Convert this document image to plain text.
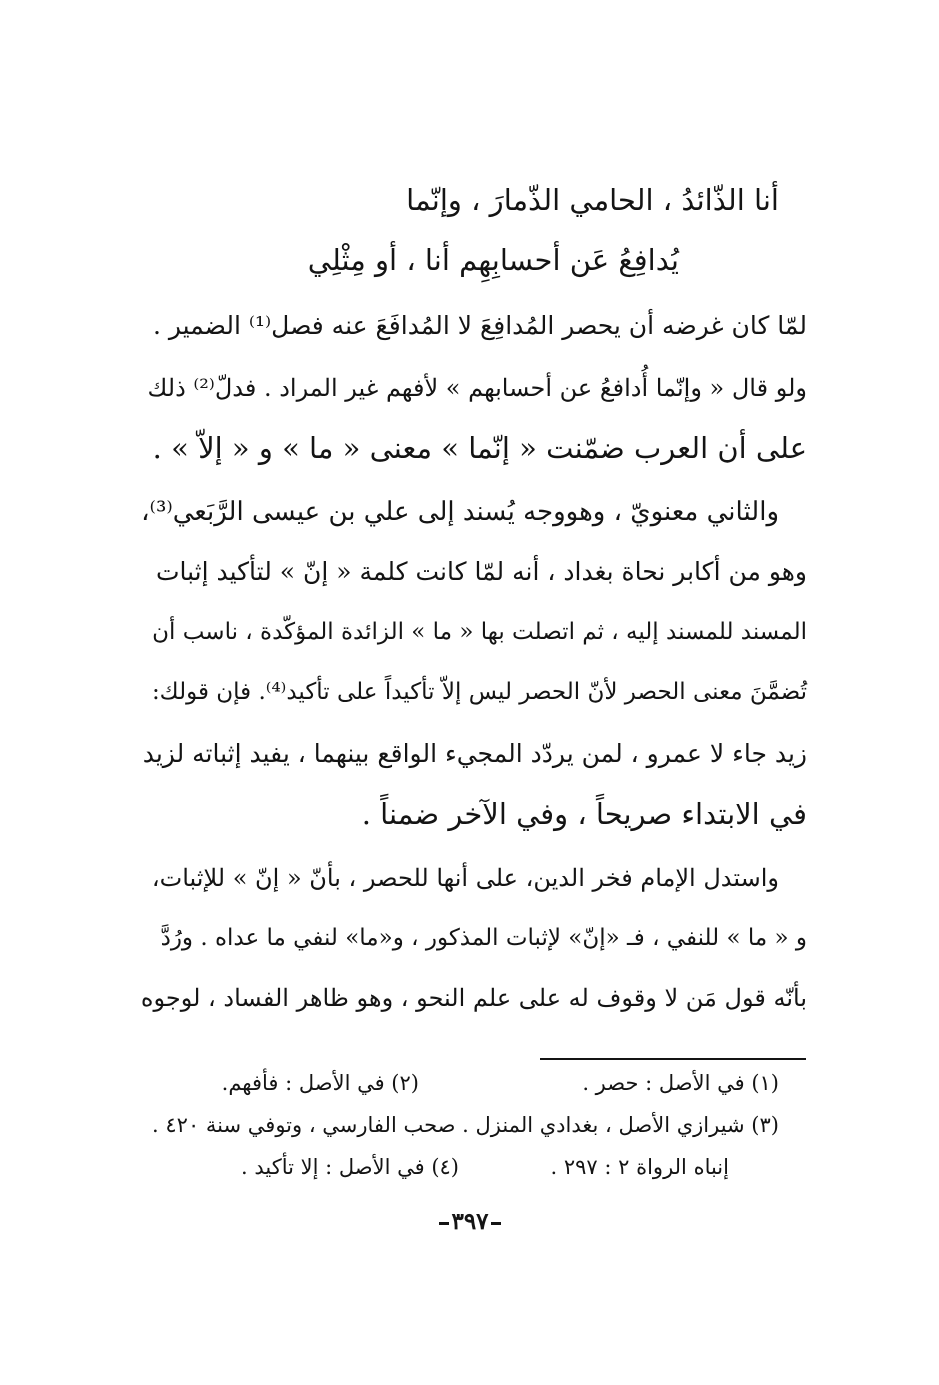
أنا الذّائدُ ، الحامي الذّمارَ ، وإنّما
يُدافِعُ عَن أحسابِهِم أنا ، أو مِثْلِي
لمّا كان غرضه أن يحصر المُدافِعَ لا المُدافَعَ عنه فصل⁽¹⁾ الضمير .
ولو قال « وإنّما أُدافعُ عن أحسابهم » لأفهم غير المراد . فدلّ⁽²⁾ ذلك
على أن العرب ضمّنت « إنّما » معنى « ما » و « إلاّ » .
والثاني معنويّ ، وهووجه يُسند إلى علي بن عيسى الرَّبَعي⁽³⁾،
وهو من أكابر نحاة بغداد ، أنه لمّا كانت كلمة « إنّ » لتأكيد إثبات
المسند للمسند إليه ، ثم اتصلت بها « ما » الزائدة المؤكّدة ، ناسب أن
تُضمَّنَ معنى الحصر لأنّ الحصر ليس إلاّ تأكيداً على تأكيد⁽⁴⁾. فإن قولك:
زيد جاء لا عمرو ، لمن يردّد المجيء الواقع بينهما ، يفيد إثباته لزيد
في الابتداء صريحاً ، وفي الآخر ضمناً .
واستدل الإمام فخر الدين، على أنها للحصر ، بأنّ « إنّ » للإثبات،
و « ما » للنفي ، فـ «إنّ» لإثبات المذكور ، و«ما» لنفي ما عداه . ورُدَّ
بأنّه قول مَن لا وقوف له على علم النحو ، وهو ظاهر الفساد ، لوجوه
(١) في الأصل : حصر .
(٢) في الأصل : فأفهم.
(٣) شيرازي الأصل ، بغدادي المنزل . صحب الفارسي ، وتوفي سنة ٤٢٠ .
إنباه الرواة ٢ : ٢٩٧ .
(٤) في الأصل : إلا تأكيد .
٣٩٧
